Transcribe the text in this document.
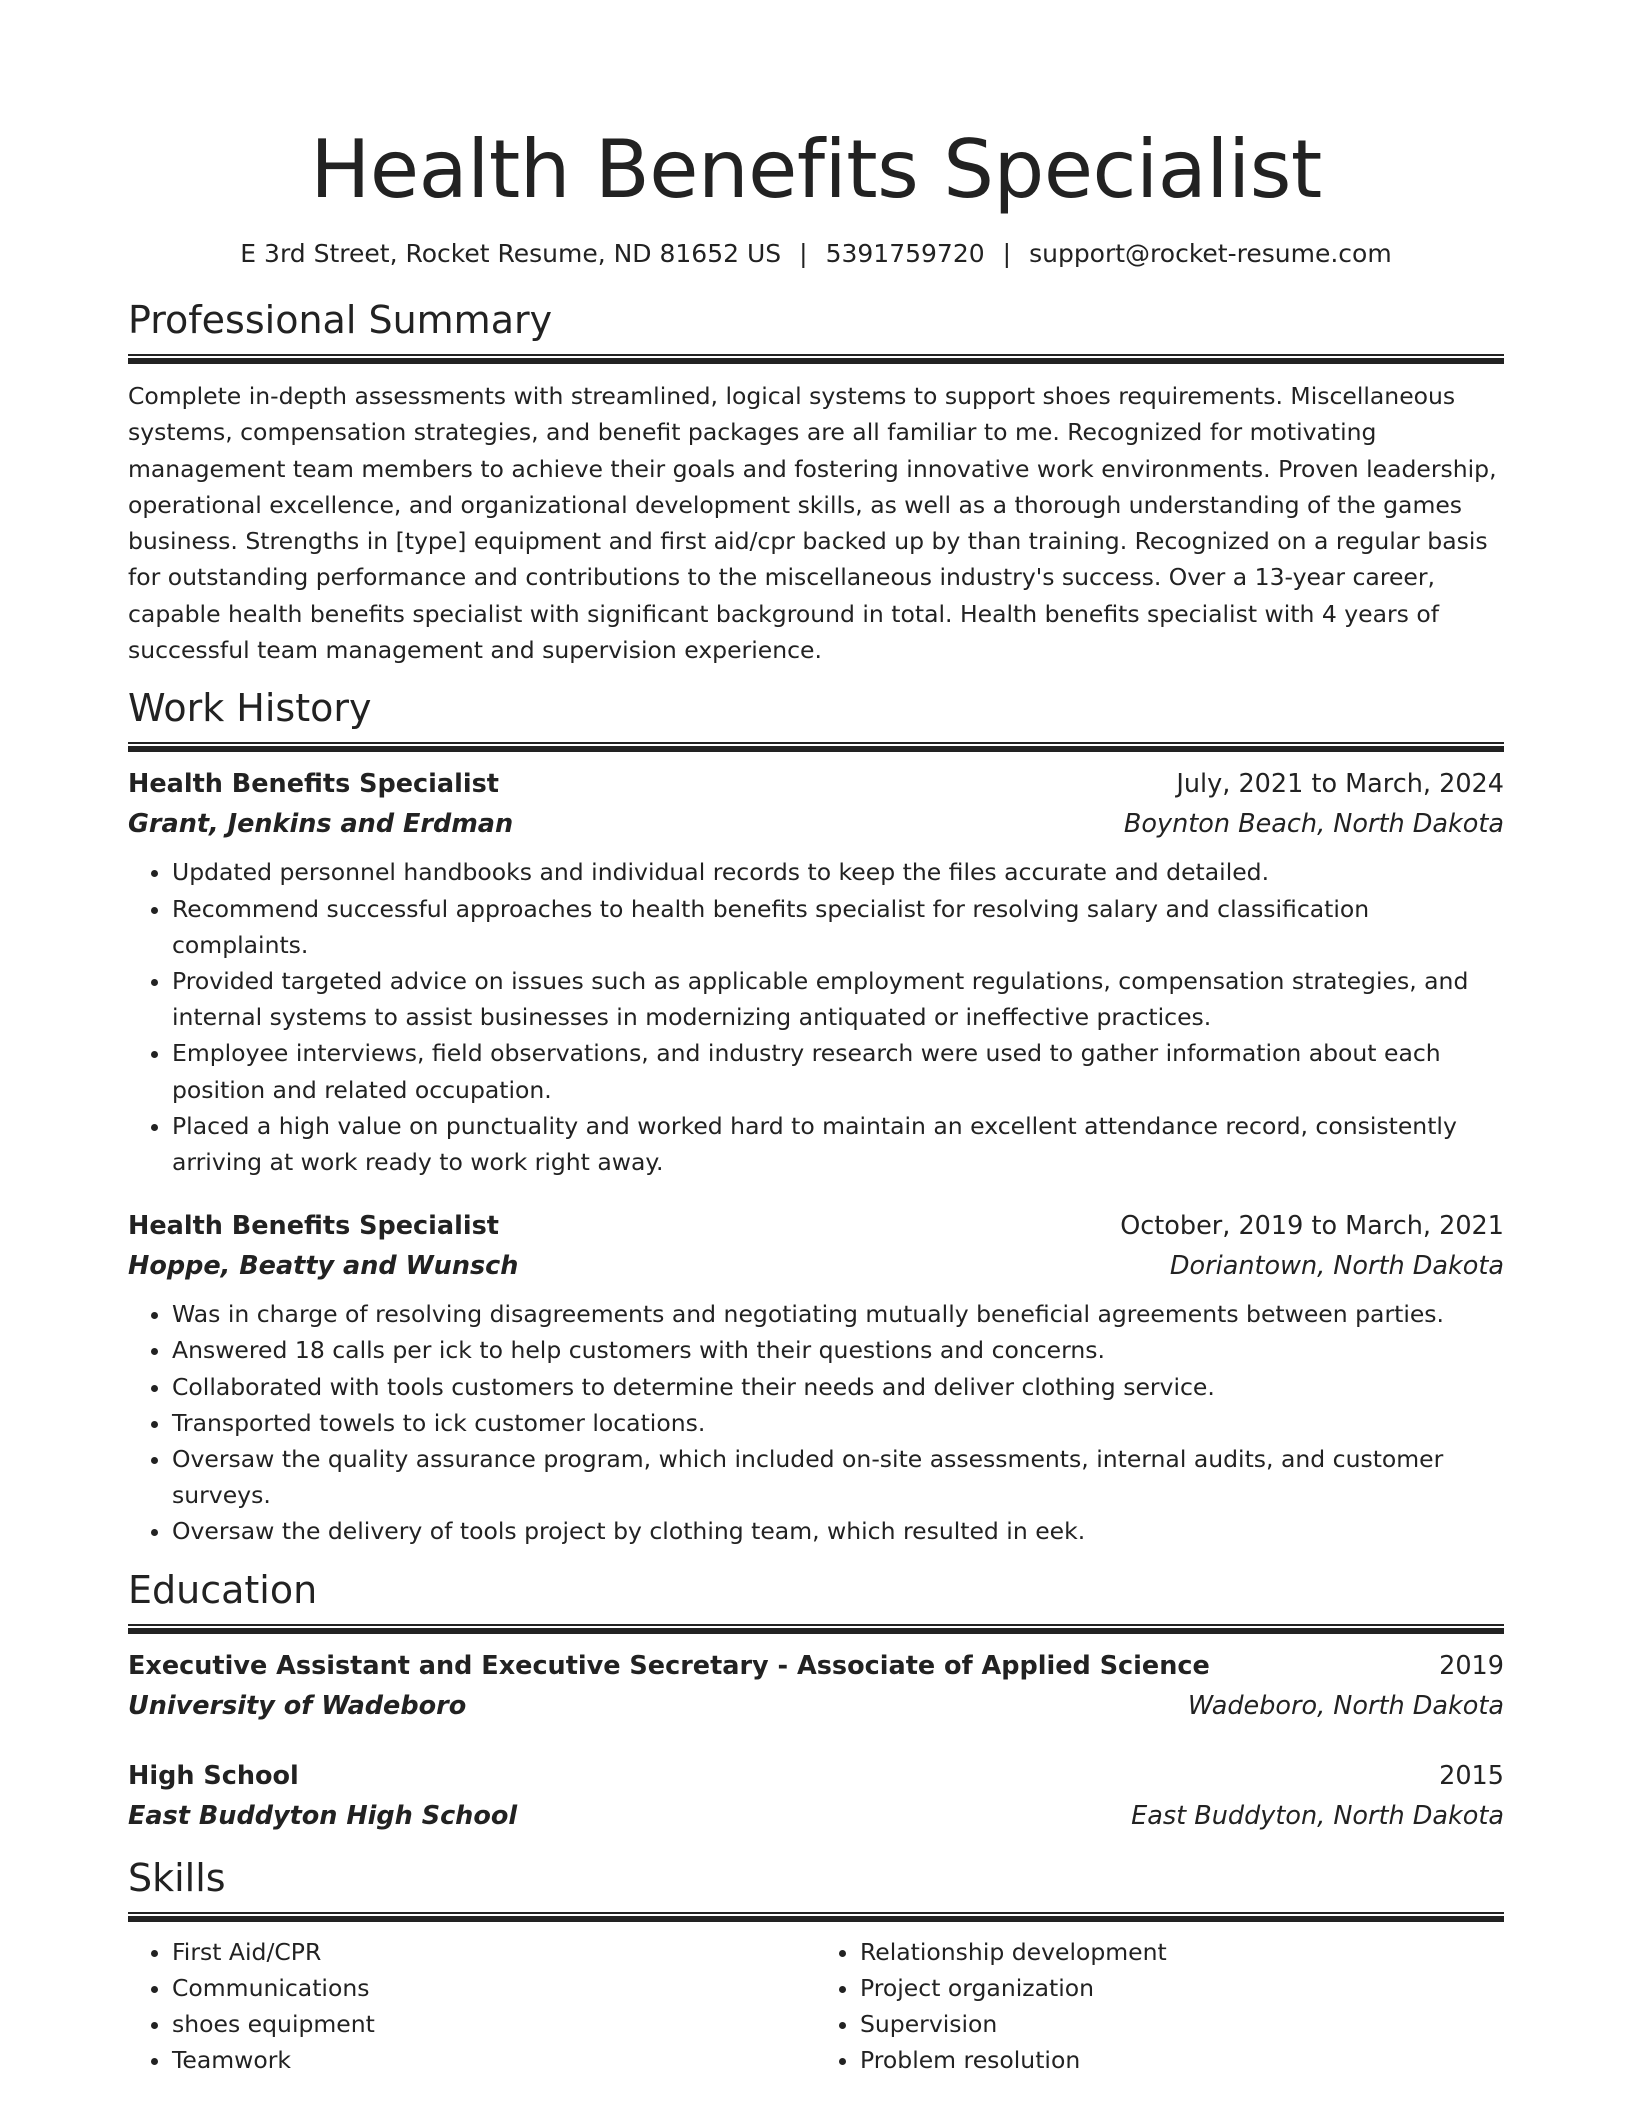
Health Benefits Specialist
E 3rd Street, Rocket Resume, ND 81652 US | 5391759720 | support@rocket-resume.com
Professional Summary
Complete in-depth assessments with streamlined, logical systems to support shoes requirements. Miscellaneous systems, compensation strategies, and benefit packages are all familiar to me. Recognized for motivating management team members to achieve their goals and fostering innovative work environments. Proven leadership, operational excellence, and organizational development skills, as well as a thorough understanding of the games business. Strengths in [type] equipment and first aid/cpr backed up by than training. Recognized on a regular basis for outstanding performance and contributions to the miscellaneous industry's success. Over a 13-year career, capable health benefits specialist with significant background in total. Health benefits specialist with 4 years of successful team management and supervision experience.
Work History
Health Benefits Specialist	July, 2021 to March, 2024
Grant, Jenkins and Erdman	Boynton Beach, North Dakota
• Updated personnel handbooks and individual records to keep the files accurate and detailed.
• Recommend successful approaches to health benefits specialist for resolving salary and classification complaints.
• Provided targeted advice on issues such as applicable employment regulations, compensation strategies, and internal systems to assist businesses in modernizing antiquated or ineffective practices.
• Employee interviews, field observations, and industry research were used to gather information about each position and related occupation.
• Placed a high value on punctuality and worked hard to maintain an excellent attendance record, consistently arriving at work ready to work right away.
Health Benefits Specialist	October, 2019 to March, 2021
Hoppe, Beatty and Wunsch	Doriantown, North Dakota
• Was in charge of resolving disagreements and negotiating mutually beneficial agreements between parties.
• Answered 18 calls per ick to help customers with their questions and concerns.
• Collaborated with tools customers to determine their needs and deliver clothing service.
• Transported towels to ick customer locations.
• Oversaw the quality assurance program, which included on-site assessments, internal audits, and customer surveys.
• Oversaw the delivery of tools project by clothing team, which resulted in eek.
Education
Executive Assistant and Executive Secretary - Associate of Applied Science	2019
University of Wadeboro	Wadeboro, North Dakota
High School	2015
East Buddyton High School	East Buddyton, North Dakota
Skills
• First Aid/CPR
• Communications
• shoes equipment
• Teamwork
• Relationship development
• Project organization
• Supervision
• Problem resolution
